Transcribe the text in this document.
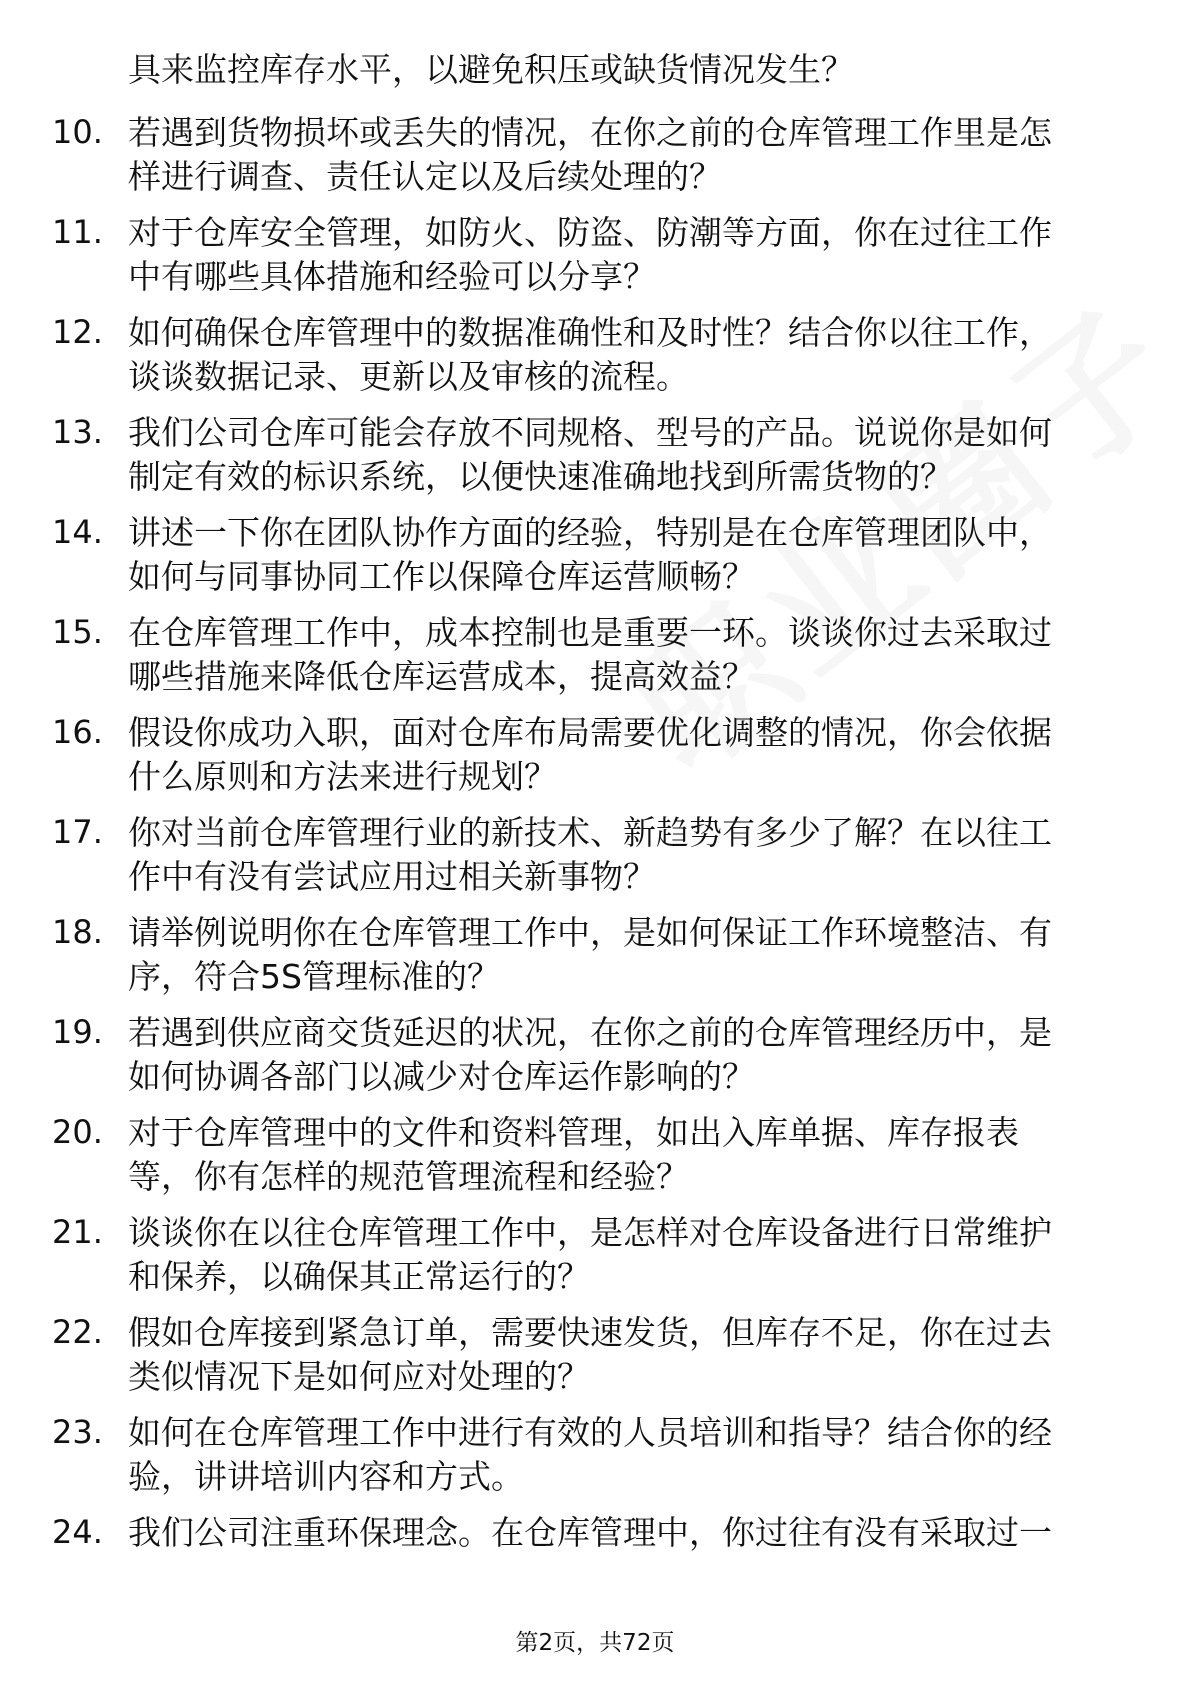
具来监控库存水平，以避免积压或缺货情况发生？
10. 若遇到货物损坏或丢失的情况，在你之前的仓库管理工作里是怎
样进行调查、责任认定以及后续处理的？
11. 对于仓库安全管理，如防火、防盗、防潮等方面，你在过往工作
中有哪些具体措施和经验可以分享？
12. 如何确保仓库管理中的数据准确性和及时性？结合你以往工作，
谈谈数据记录、更新以及审核的流程。
13. 我们公司仓库可能会存放不同规格、型号的产品。说说你是如何
制定有效的标识系统，以便快速准确地找到所需货物的？
14. 讲述一下你在团队协作方面的经验，特别是在仓库管理团队中，
如何与同事协同工作以保障仓库运营顺畅？
15. 在仓库管理工作中，成本控制也是重要一环。谈谈你过去采取过
哪些措施来降低仓库运营成本，提高效益？
16. 假设你成功入职，面对仓库布局需要优化调整的情况，你会依据
什么原则和方法来进行规划？
17. 你对当前仓库管理行业的新技术、新趋势有多少了解？在以往工
作中有没有尝试应用过相关新事物？
18. 请举例说明你在仓库管理工作中，是如何保证工作环境整洁、有
序，符合5S管理标准的？
19. 若遇到供应商交货延迟的状况，在你之前的仓库管理经历中，是
如何协调各部门以减少对仓库运作影响的？
20. 对于仓库管理中的文件和资料管理，如出入库单据、库存报表
等，你有怎样的规范管理流程和经验？
21. 谈谈你在以往仓库管理工作中，是怎样对仓库设备进行日常维护
和保养，以确保其正常运行的？
22. 假如仓库接到紧急订单，需要快速发货，但库存不足，你在过去
类似情况下是如何应对处理的？
23. 如何在仓库管理工作中进行有效的人员培训和指导？结合你的经
验，讲讲培训内容和方式。
24. 我们公司注重环保理念。在仓库管理中，你过往有没有采取过一
第2页，共72页
